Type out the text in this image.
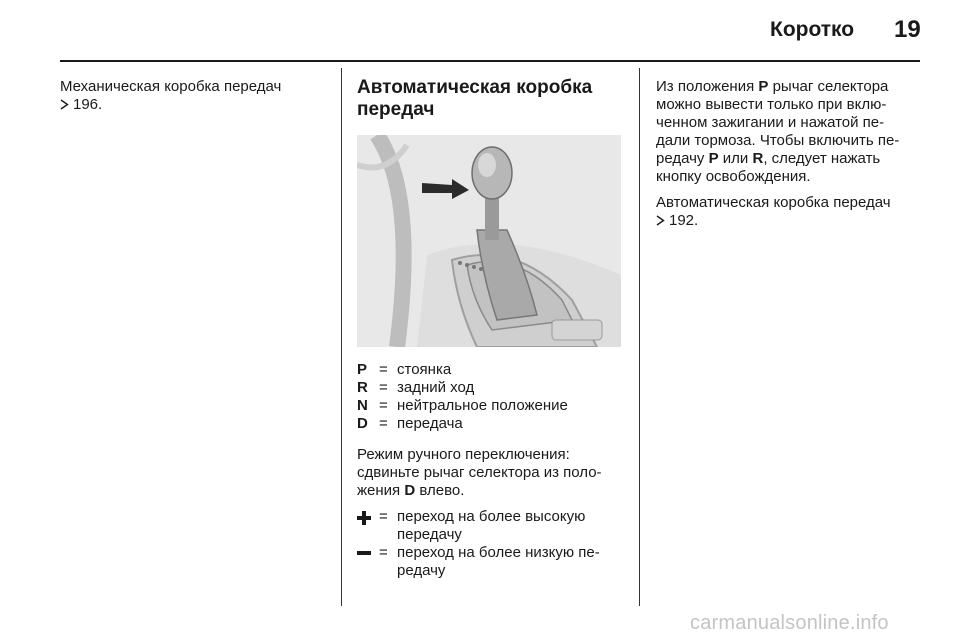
Коротко 19

Механическая коробка передач
196.

Автоматическая коробка
передач
P = стоянка
R = задний ход
N = нейтральное положение
D = передача

Режим ручного переключения:
сдвиньте рычаг селектора из поло-
жения D влево.

= переход на более высокую
передачу
= переход на более низкую пе-
редачу

Из положения P рычаг селектора
можно вывести только при вклю-
ченном зажигании и нажатой пе-
дали тормоза. Чтобы включить пе-
редачу P или R, следует нажать
кнопку освобождения.

Автоматическая коробка передач
192.

carmanualsonline.info
